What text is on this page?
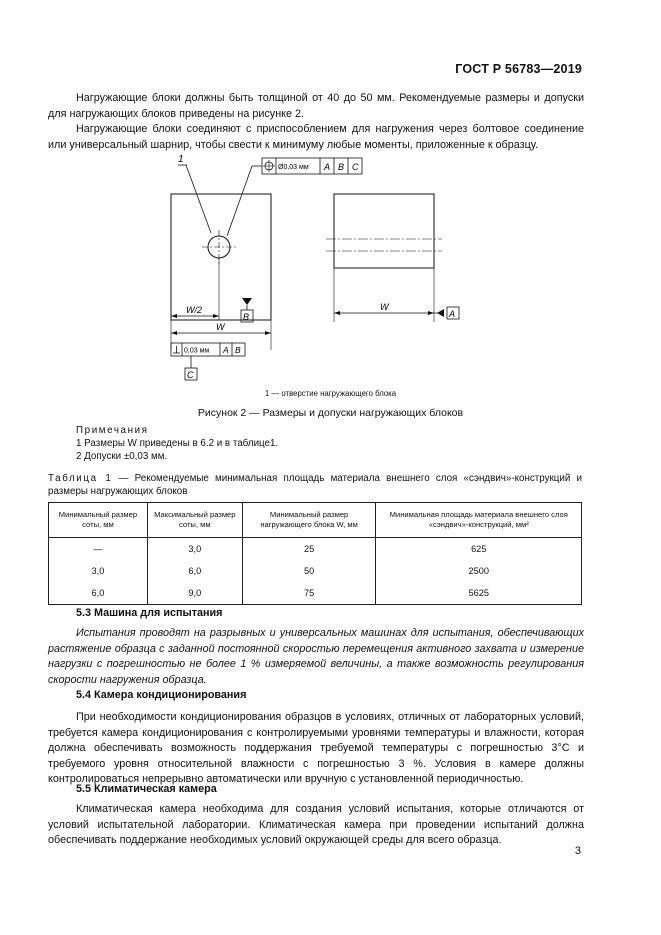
ГОСТ Р 56783—2019
Нагружающие блоки должны быть толщиной от 40 до 50 мм. Рекомендуемые размеры и допуски для нагружающих блоков приведены на рисунке 2.
Нагружающие блоки соединяют с приспособлением для нагружения через болтовое соединение или универсальный шарнир, чтобы свести к минимуму любые моменты, приложенные к образцу.
1
Ø0,03 мм A B C
W/2
W
B
0,03 мм A B
C
W
A
1 — отверстие нагружающего блока
Рисунок 2 — Размеры и допуски нагружающих блоков
Примечания
1 Размеры W приведены в 6.2 и в таблице1.
2 Допуски ±0,03 мм.
Таблица 1 — Рекомендуемые минимальная площадь материала внешнего слоя «сэндвич»-конструкций и размеры нагружающих блоков
Минимальный размер соты, мм	Максимальный размер соты, мм	Минимальный размер нагружающего блока W, мм	Минимальная площадь материала внешнего слоя «сэндвич»-конструкций, мм²
—	3,0	25	625
3,0	6,0	50	2500
6,0	9,0	75	5625
5.3 Машина для испытания
Испытания проводят на разрывных и универсальных машинах для испытания, обеспечивающих растяжение образца с заданной постоянной скоростью перемещения активного захвата и измерение нагрузки с погрешностью не более 1 % измеряемой величины, а также возможность регулирования скорости нагружения образца.
5.4 Камера кондиционирования
При необходимости кондиционирования образцов в условиях, отличных от лабораторных условий, требуется камера кондиционирования с контролируемыми уровнями температуры и влажности, которая должна обеспечивать возможность поддержания требуемой температуры с погрешностью 3°С и требуемого уровня относительной влажности с погрешностью 3 %. Условия в камере должны контролироваться непрерывно автоматически или вручную с установленной периодичностью.
5.5 Климатическая камера
Климатическая камера необходима для создания условий испытания, которые отличаются от условий испытательной лаборатории. Климатическая камера при проведении испытаний должна обеспечивать поддержание необходимых условий окружающей среды для всего образца.
3
